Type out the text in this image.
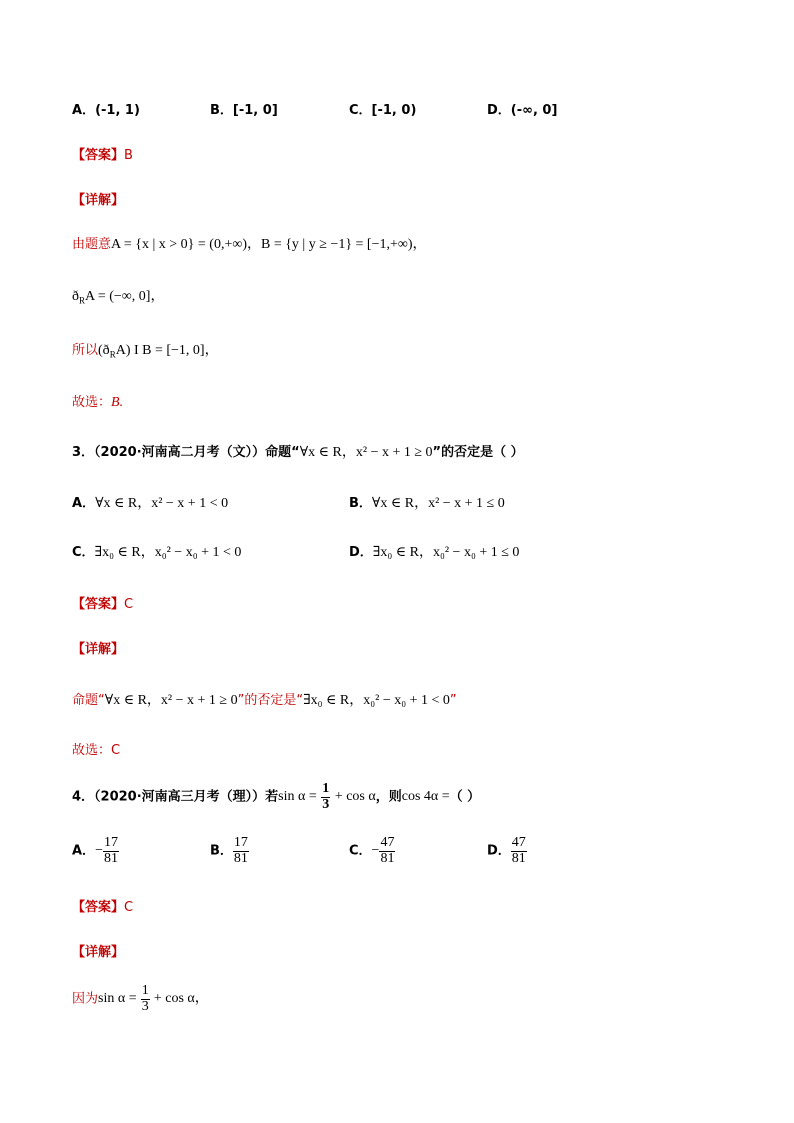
A．(-1, 1)	B．[-1, 0]	C．[-1, 0)	D．(-∞, 0]
【答案】B
【详解】
由题意A = {x | x > 0} = (0,+∞)，B = {y | y ≥ −1} = [−1,+∞)，
$ð_RA$ = (−∞, 0]，
所以$(ð_RA)$ Ι B = [−1, 0]，
故选：B.
3．（2020·河南高二月考（文））命题“∀x ∈ R，x² − x + 1 ≥ 0”的否定是（ ）
A．∀x ∈ R，x² − x + 1 < 0	B．∀x ∈ R，x² − x + 1 ≤ 0
C．∃x₀ ∈ R，x₀² − x₀ + 1 < 0	D．∃x₀ ∈ R，x₀² − x₀ + 1 ≤ 0
【答案】C
【详解】
命题“∀x ∈ R，x² − x + 1 ≥ 0”的否定是“∃x₀ ∈ R，x₀² − x₀ + 1 < 0”
故选：C
4．（2020·河南高三月考（理））若$\sin \alpha = \frac{1}{3} + \cos \alpha$，则cos 4α =（ ）
A．− $\frac{17}{81}$	B． $\frac{17}{81}$	C．− $\frac{47}{81}$	D． $\frac{47}{81}$
【答案】C
【详解】
因为$\sin \alpha = \frac{1}{3} + \cos \alpha$，
